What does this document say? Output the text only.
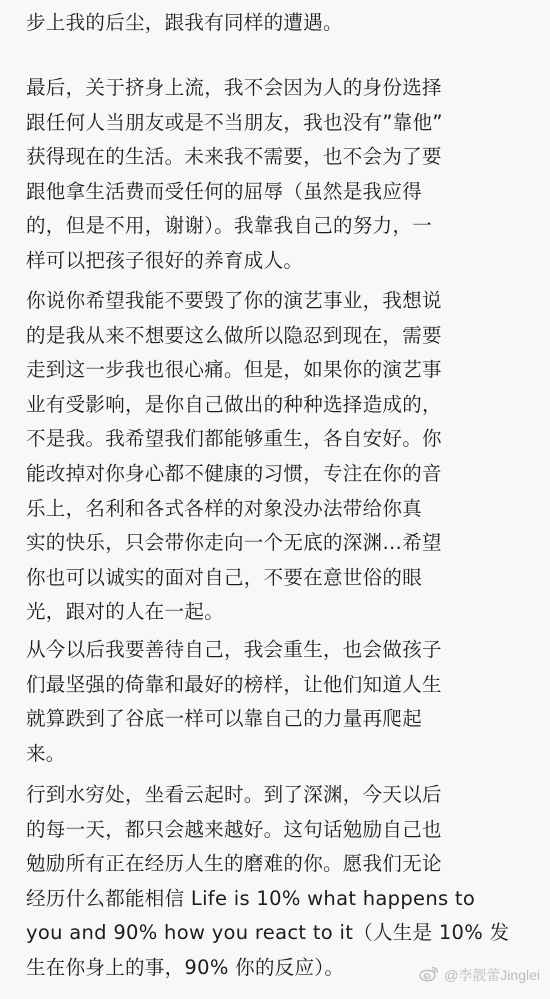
步上我的后尘，跟我有同样的遭遇。
最后，关于挤身上流，我不会因为人的身份选择
跟任何人当朋友或是不当朋友，我也没有”靠他”
获得现在的生活。未来我不需要，也不会为了要
跟他拿生活费而受任何的屈辱（虽然是我应得
的，但是不用，谢谢）。我靠我自己的努力，一
样可以把孩子很好的养育成人。
你说你希望我能不要毁了你的演艺事业，我想说
的是我从来不想要这么做所以隐忍到现在，需要
走到这一步我也很心痛。但是，如果你的演艺事
业有受影响，是你自己做出的种种选择造成的，
不是我。我希望我们都能够重生，各自安好。你
能改掉对你身心都不健康的习惯，专注在你的音
乐上，名利和各式各样的对象没办法带给你真
实的快乐，只会带你走向一个无底的深渊…希望
你也可以诚实的面对自己，不要在意世俗的眼
光，跟对的人在一起。
从今以后我要善待自己，我会重生，也会做孩子
们最坚强的倚靠和最好的榜样，让他们知道人生
就算跌到了谷底一样可以靠自己的力量再爬起
来。
行到水穷处，坐看云起时。到了深渊，今天以后
的每一天，都只会越来越好。这句话勉励自己也
勉励所有正在经历人生的磨难的你。愿我们无论
经历什么都能相信 Life is 10% what happens to
you and 90% how you react to it（人生是 10% 发
生在你身上的事，90% 你的反应）。	@李靓蕾Jinglei
